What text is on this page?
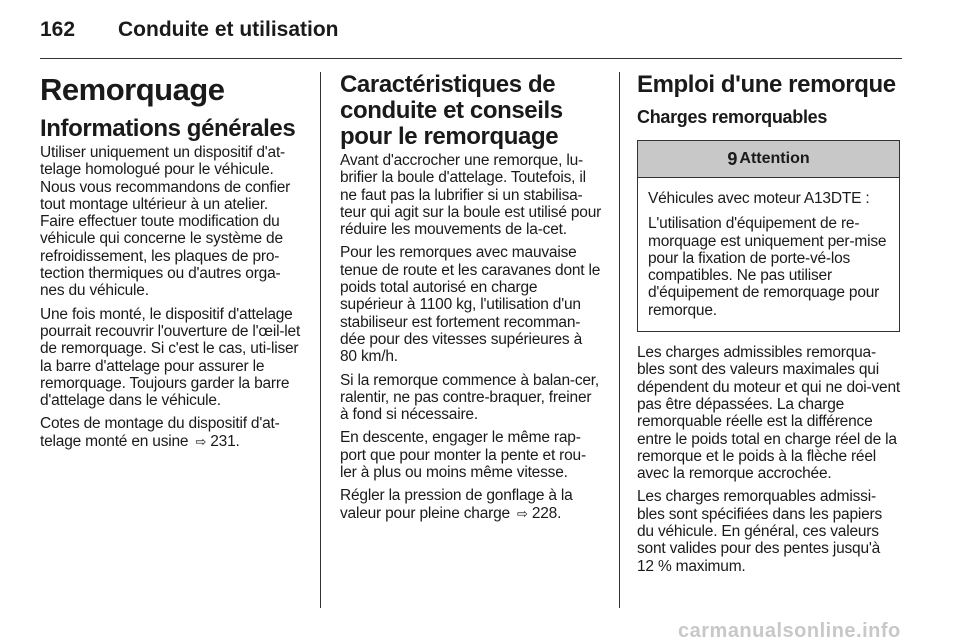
162 Conduite et utilisation
Remorquage
Informations générales

Utiliser uniquement un dispositif d'at-telage homologué pour le véhicule. Nous vous recommandons de confier tout montage ultérieur à un atelier. Faire effectuer toute modification du véhicule qui concerne le système de refroidissement, les plaques de pro-tection thermiques ou d'autres orga-nes du véhicule.

Une fois monté, le dispositif d'attelage pourrait recouvrir l'ouverture de l'œil-let de remorquage. Si c'est le cas, uti-liser la barre d'attelage pour assurer le remorquage. Toujours garder la barre d'attelage dans le véhicule.

Cotes de montage du dispositif d'at-telage monté en usine ⇨ 231.

Caractéristiques de conduite et conseils pour le remorquage

Avant d'accrocher une remorque, lu-brifier la boule d'attelage. Toutefois, il ne faut pas la lubrifier si un stabilisa-teur qui agit sur la boule est utilisé pour réduire les mouvements de la-cet.

Pour les remorques avec mauvaise tenue de route et les caravanes dont le poids total autorisé en charge supérieur à 1100 kg, l'utilisation d'un stabiliseur est fortement recomman-dée pour des vitesses supérieures à 80 km/h.

Si la remorque commence à balan-cer, ralentir, ne pas contre-braquer, freiner à fond si nécessaire.

En descente, engager le même rap-port que pour monter la pente et rou-ler à plus ou moins même vitesse.

Régler la pression de gonflage à la valeur pour pleine charge ⇨ 228.

Emploi d'une remorque
Charges remorquables
9 Attention

Véhicules avec moteur A13DTE :

L'utilisation d'équipement de re-morquage est uniquement per-mise pour la fixation de porte-vé-los compatibles. Ne pas utiliser d'équipement de remorquage pour remorque.

Les charges admissibles remorqua-bles sont des valeurs maximales qui dépendent du moteur et qui ne doi-vent pas être dépassées. La charge remorquable réelle est la différence entre le poids total en charge réel de la remorque et le poids à la flèche réel avec la remorque accrochée.

Les charges remorquables admissi-bles sont spécifiées dans les papiers du véhicule. En général, ces valeurs sont valides pour des pentes jusqu'à 12 % maximum.

carmanualsonline.info
